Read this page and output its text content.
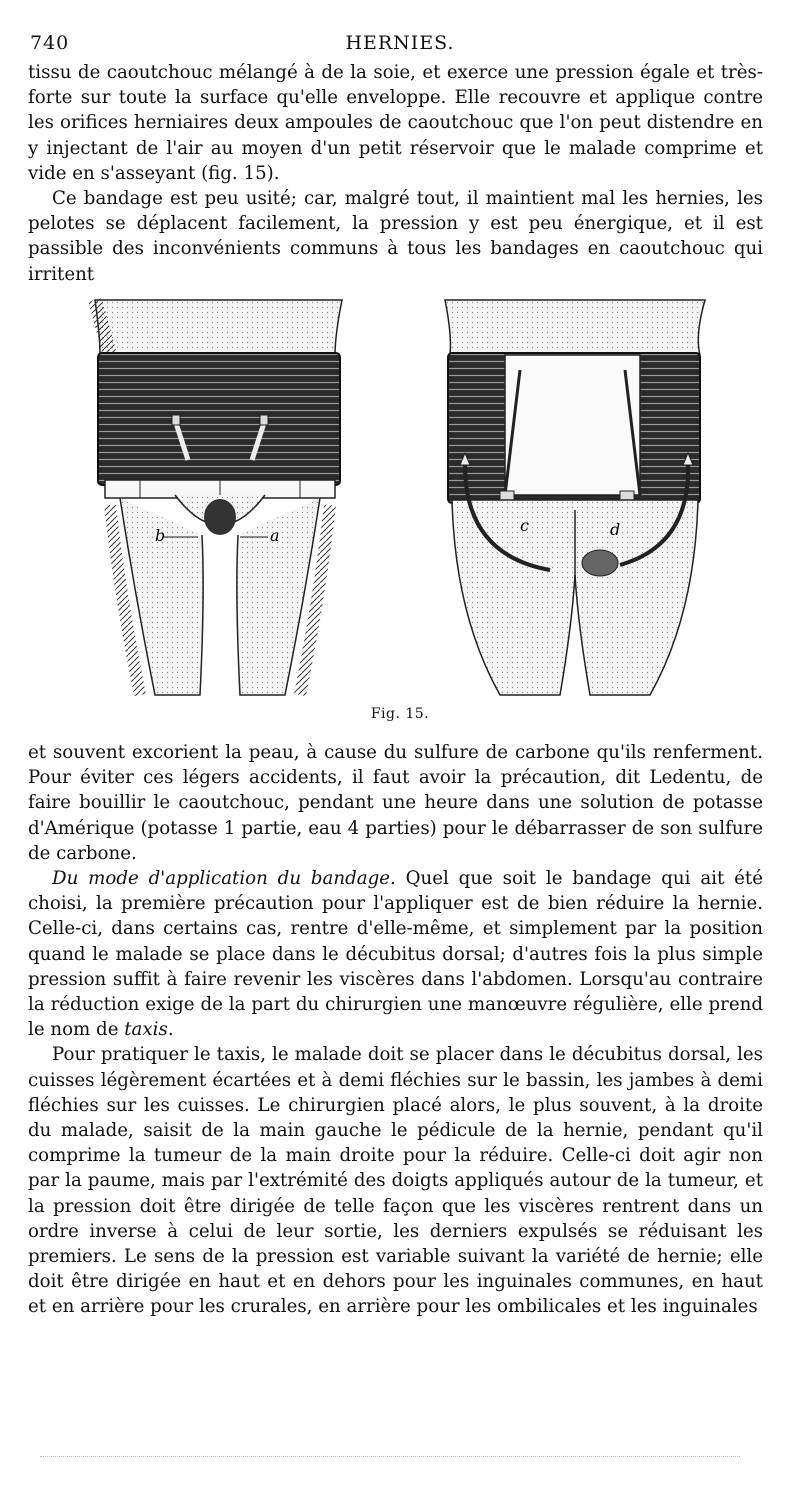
740	HERNIES.

tissu de caoutchouc mélangé à de la soie, et exerce une pression égale et très-forte sur toute la surface qu'elle enveloppe. Elle recouvre et applique contre les orifices herniaires deux ampoules de caoutchouc que l'on peut distendre en y injectant de l'air au moyen d'un petit réservoir que le malade comprime et vide en s'asseyant (fig. 15).

Ce bandage est peu usité; car, malgré tout, il maintient mal les hernies, les pelotes se déplacent facilement, la pression y est peu énergique, et il est passible des inconvénients communs à tous les bandages en caoutchouc qui irritent

b	a
c	d
Fig. 15.

et souvent excorient la peau, à cause du sulfure de carbone qu'ils renferment. Pour éviter ces légers accidents, il faut avoir la précaution, dit Ledentu, de faire bouillir le caoutchouc, pendant une heure dans une solution de potasse d'Amérique (potasse 1 partie, eau 4 parties) pour le débarrasser de son sulfure de carbone.

Du mode d'application du bandage. Quel que soit le bandage qui ait été choisi, la première précaution pour l'appliquer est de bien réduire la hernie. Celle-ci, dans certains cas, rentre d'elle-même, et simplement par la position quand le malade se place dans le décubitus dorsal; d'autres fois la plus simple pression suffit à faire revenir les viscères dans l'abdomen. Lorsqu'au contraire la réduction exige de la part du chirurgien une manœuvre régulière, elle prend le nom de taxis.

Pour pratiquer le taxis, le malade doit se placer dans le décubitus dorsal, les cuisses légèrement écartées et à demi fléchies sur le bassin, les jambes à demi fléchies sur les cuisses. Le chirurgien placé alors, le plus souvent, à la droite du malade, saisit de la main gauche le pédicule de la hernie, pendant qu'il comprime la tumeur de la main droite pour la réduire. Celle-ci doit agir non par la paume, mais par l'extrémité des doigts appliqués autour de la tumeur, et la pression doit être dirigée de telle façon que les viscères rentrent dans un ordre inverse à celui de leur sortie, les derniers expulsés se réduisant les premiers. Le sens de la pression est variable suivant la variété de hernie; elle doit être dirigée en haut et en dehors pour les inguinales communes, en haut et en arrière pour les crurales, en arrière pour les ombilicales et les inguinales
